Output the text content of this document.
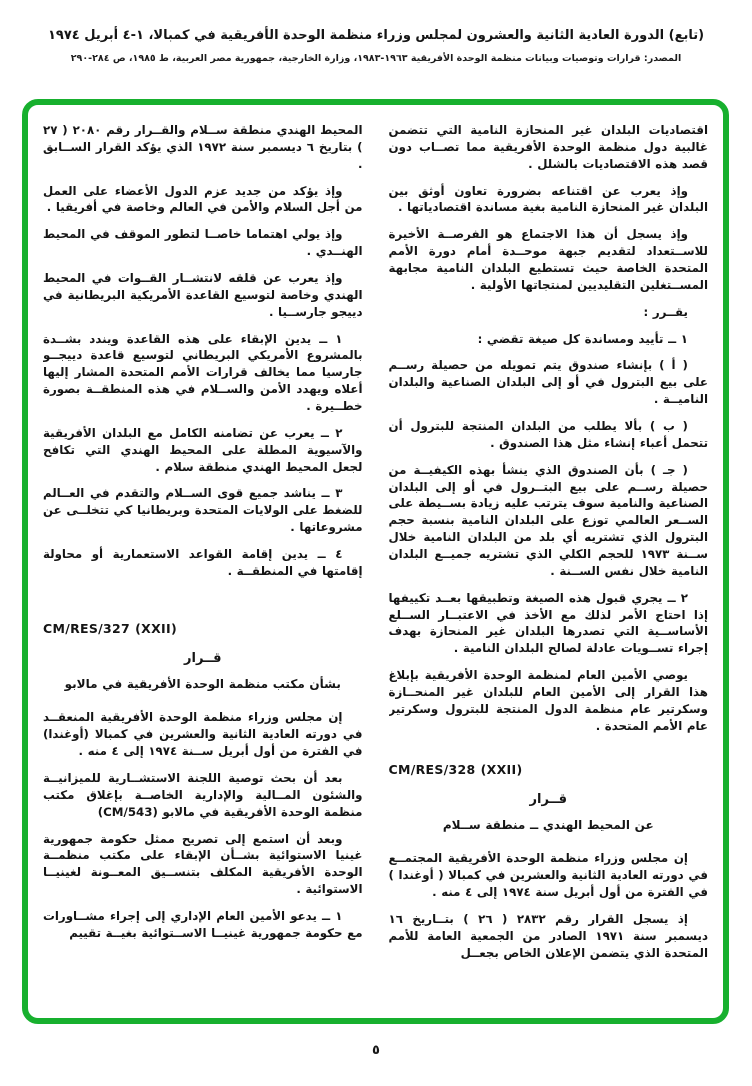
(تابع) الدورة العادية الثانية والعشرون لمجلس وزراء منظمة الوحدة الأفريقية في كمبالا، ١-٤ أبريل ١٩٧٤
المصدر: قرارات وتوصيات وبيانات منظمة الوحدة الأفريقية ١٩٦٣-١٩٨٣، وزارة الخارجية، جمهورية مصر العربية، ط ١٩٨٥، ص ٢٨٤-٢٩٠

اقتصاديات البلدان غير المنحازة النامية التي تتضمن غالبية دول منظمة الوحدة الأفريقية مما تصــاب دون قصد هذه الاقتصاديات بالشلل .

وإذ يعرب عن اقتناعه بضرورة تعاون أوثق بين البلدان غير المنحازة النامية بغية مساندة اقتصادياتها .

وإذ يسجل أن هذا الاجتماع هو الفرصــة الأخيرة للاســتعداد لتقديم جبهة موحــدة أمام دورة الأمم المتحدة الخاصة حيث تستطيع البلدان النامية مجابهة المســتغلين التقليديين لمنتجاتها الأولية .

يقــرر :

١ ــ تأييد ومساندة كل صيغة تقضي :

( أ ) بإنشاء صندوق يتم تمويله من حصيلة رســم على بيع البترول في أو إلى البلدان الصناعية والبلدان الناميــة .

( ب ) بألا يطلب من البلدان المنتجة للبترول أن تتحمل أعباء إنشاء مثل هذا الصندوق .

( جـ ) بأن الصندوق الذي ينشأ بهذه الكيفيــة من حصيلة رســم على بيع البتــرول في أو إلى البلدان الصناعية والنامية سوف يترتب عليه زيادة بســيطة على الســعر العالمي توزع على البلدان النامية بنسبة حجم البترول الذي تشتريه أي بلد من البلدان النامية خلال ســنة ١٩٧٣ للحجم الكلي الذي تشتريه جميــع البلدان النامية خلال نفس الســنة .

٢ ــ يجري قبول هذه الصيغة وتطبيقها بعــد تكييفها إذا احتاج الأمر لذلك مع الأخذ في الاعتبــار الســلع الأساســية التي تصدرها البلدان غير المنحازة بهدف إجراء تســويات عادلة لصالح البلدان النامية .

يوصي الأمين العام لمنظمة الوحدة الأفريقية بإبلاغ هذا القرار إلى الأمين العام للبلدان غير المنحــازة وسكرتير عام منظمة الدول المنتجة للبترول وسكرتير عام الأمم المتحدة .

CM/RES/328 (XXII)

قــرار

عن المحيط الهندي ــ منطقة ســلام

إن مجلس وزراء منظمة الوحدة الأفريقية المجتمــع في دورته العادية الثانية والعشرين في كمبالا ( أوغندا ) في الفترة من أول أبريل سنة ١٩٧٤ إلى ٤ منه .

إذ يسجل القرار رقم ٢٨٣٢ ( ٢٦ ) بتــاريخ ١٦ ديسمبر سنة ١٩٧١ الصادر من الجمعية العامة للأمم المتحدة الذي يتضمن الإعلان الخاص بجعــل

المحيط الهندي منطقة ســلام والقــرار رقم ٢٠٨٠ ( ٢٧ ) بتاريخ ٦ ديسمبر سنة ١٩٧٢ الذي يؤكد القرار الســابق .

وإذ يؤكد من جديد عزم الدول الأعضاء على العمل من أجل السلام والأمن في العالم وخاصة في أفريقيا .

وإذ يولي اهتماما خاصــا لتطور الموقف في المحيط الهنــدي .

وإذ يعرب عن قلقه لانتشــار القــوات في المحيط الهندي وخاصة لتوسيع القاعدة الأمريكية البريطانية في دييجو جارســيا .

١ ــ يدين الإبقاء على هذه القاعدة ويندد بشــدة بالمشروع الأمريكي البريطاني لتوسيع قاعدة دييجــو جارسيا مما يخالف قرارات الأمم المتحدة المشار إليها أعلاه ويهدد الأمن والســلام في هذه المنطقــة بصورة خطــيرة .

٢ ــ يعرب عن تضامنه الكامل مع البلدان الأفريقية والآسيوية المطلة على المحيط الهندي التي تكافح لجعل المحيط الهندي منطقة سلام .

٣ ــ يناشد جميع قوى الســلام والتقدم في العــالم للضغط على الولايات المتحدة وبريطانيا كي تتخلــى عن مشروعاتها .

٤ ــ يدين إقامة القواعد الاستعمارية أو محاولة إقامتها في المنطقــة .

CM/RES/327 (XXII)

قــرار

بشأن مكتب منظمة الوحدة الأفريقية في مالابو

إن مجلس وزراء منظمة الوحدة الأفريقية المنعقــد في دورته العادية الثانية والعشرين في كمبالا (أوغندا) في الفترة من أول أبريل ســنة ١٩٧٤ إلى ٤ منه .

بعد أن بحث توصية اللجنة الاستشــارية للميزانيــة والشئون المــالية والإدارية الخاصــة بإغلاق مكتب منظمة الوحدة الأفريقية في مالابو (CM/543)

وبعد أن استمع إلى تصريح ممثل حكومة جمهورية غينيا الاستوائية بشــأن الإبقاء على مكتب منظمــة الوحدة الأفريقية المكلف بتنســيق المعــونة لغينيــا الاستوائية .

١ ــ يدعو الأمين العام الإداري إلى إجراء مشــاورات مع حكومة جمهورية غينيــا الاســتوائية بغيــة تقييم

٥
